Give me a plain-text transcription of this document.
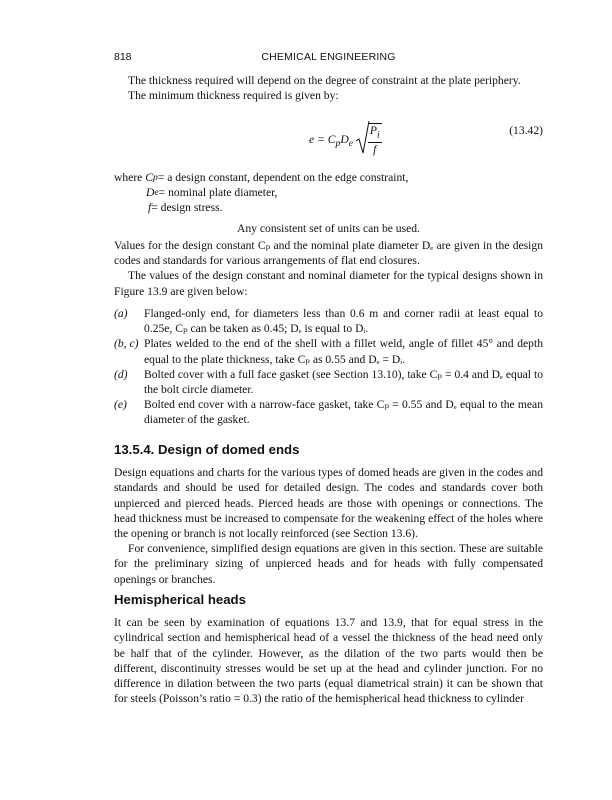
818	CHEMICAL ENGINEERING

The thickness required will depend on the degree of constraint at the plate periphery.

The minimum thickness required is given by:

$e = C_pD_e \frac{P_i}{f}$	(13.42)
where C p = a design constant, dependent on the edge constraint,
D e = nominal plate diameter,
f = design stress.

Any consistent set of units can be used.

Values for the design constant Cₚ and the nominal plate diameter Dₑ are given in the design codes and standards for various arrangements of flat end closures.

The values of the design constant and nominal diameter for the typical designs shown in Figure 13.9 are given below:

(a)	Flanged-only end, for diameters less than 0.6 m and corner radii at least equal to 0.25e, Cₚ can be taken as 0.45; Dₑ is equal to Dᵢ.
(b, c) Plates welded to the end of the shell with a fillet weld, angle of fillet 45° and depth equal to the plate thickness, take Cₚ as 0.55 and Dₑ = Dᵢ.
(d)	Bolted cover with a full face gasket (see Section 13.10), take Cₚ = 0.4 and Dₑ equal to the bolt circle diameter.
(e)	Bolted end cover with a narrow-face gasket, take Cₚ = 0.55 and Dₑ equal to the mean diameter of the gasket.
13.5.4. Design of domed ends

Design equations and charts for the various types of domed heads are given in the codes and standards and should be used for detailed design. The codes and standards cover both unpierced and pierced heads. Pierced heads are those with openings or connections. The head thickness must be increased to compensate for the weakening effect of the holes where the opening or branch is not locally reinforced (see Section 13.6).

For convenience, simplified design equations are given in this section. These are suitable for the preliminary sizing of unpierced heads and for heads with fully compensated openings or branches.

Hemispherical heads

It can be seen by examination of equations 13.7 and 13.9, that for equal stress in the cylindrical section and hemispherical head of a vessel the thickness of the head need only be half that of the cylinder. However, as the dilation of the two parts would then be different, discontinuity stresses would be set up at the head and cylinder junction. For no difference in dilation between the two parts (equal diametrical strain) it can be shown that for steels (Poisson’s ratio = 0.3) the ratio of the hemispherical head thickness to cylinder
